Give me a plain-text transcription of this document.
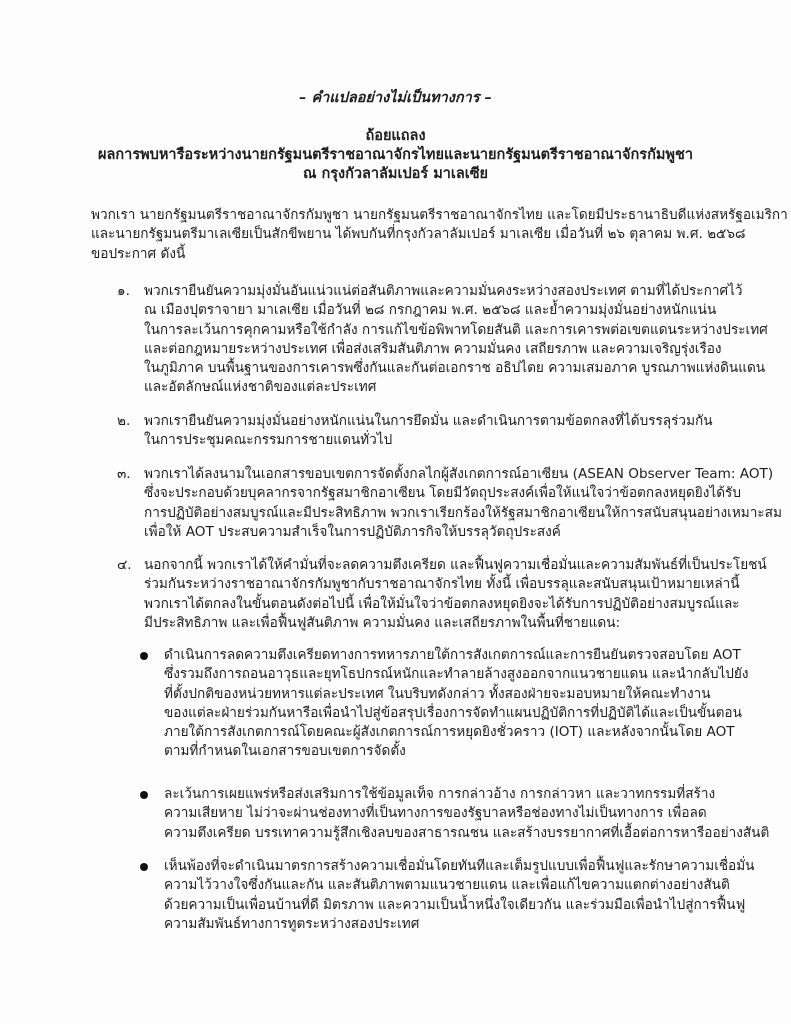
– คำแปลอย่างไม่เป็นทางการ –
ถ้อยแถลง
ผลการพบหารือระหว่างนายกรัฐมนตรีราชอาณาจักรไทยและนายกรัฐมนตรีราชอาณาจักรกัมพูชา
ณ กรุงกัวลาลัมเปอร์ มาเลเซีย
พวกเรา นายกรัฐมนตรีราชอาณาจักรกัมพูชา นายกรัฐมนตรีราชอาณาจักรไทย และโดยมีประธานาธิบดีแห่งสหรัฐอเมริกา
และนายกรัฐมนตรีมาเลเซียเป็นสักขีพยาน ได้พบกันที่กรุงกัวลาลัมเปอร์ มาเลเซีย เมื่อวันที่ ๒๖ ตุลาคม พ.ศ. ๒๕๖๘
ขอประกาศ ดังนี้
๑.	พวกเรายืนยันความมุ่งมั่นอันแน่วแน่ต่อสันติภาพและความมั่นคงระหว่างสองประเทศ ตามที่ได้ประกาศไว้
ณ เมืองปุตราจายา มาเลเซีย เมื่อวันที่ ๒๘ กรกฎาคม พ.ศ. ๒๕๖๘ และย้ำความมุ่งมั่นอย่างหนักแน่น
ในการละเว้นการคุกคามหรือใช้กำลัง การแก้ไขข้อพิพาทโดยสันติ และการเคารพต่อเขตแดนระหว่างประเทศ
และต่อกฎหมายระหว่างประเทศ เพื่อส่งเสริมสันติภาพ ความมั่นคง เสถียรภาพ และความเจริญรุ่งเรือง
ในภูมิภาค บนพื้นฐานของการเคารพซึ่งกันและกันต่อเอกราช อธิปไตย ความเสมอภาค บูรณภาพแห่งดินแดน
และอัตลักษณ์แห่งชาติของแต่ละประเทศ
๒.	พวกเรายืนยันความมุ่งมั่นอย่างหนักแน่นในการยึดมั่น และดำเนินการตามข้อตกลงที่ได้บรรลุร่วมกัน
ในการประชุมคณะกรรมการชายแดนทั่วไป
๓. พวกเราได้ลงนามในเอกสารขอบเขตการจัดตั้งกลไกผู้สังเกตการณ์อาเซียน (ASEAN Observer Team: AOT)
ซึ่งจะประกอบด้วยบุคลากรจากรัฐสมาชิกอาเซียน โดยมีวัตถุประสงค์เพื่อให้แน่ใจว่าข้อตกลงหยุดยิงได้รับ
การปฏิบัติอย่างสมบูรณ์และมีประสิทธิภาพ พวกเราเรียกร้องให้รัฐสมาชิกอาเซียนให้การสนับสนุนอย่างเหมาะสม
เพื่อให้ AOT ประสบความสำเร็จในการปฏิบัติภารกิจให้บรรลุวัตถุประสงค์
๔. นอกจากนี้ พวกเราได้ให้คำมั่นที่จะลดความตึงเครียด และฟื้นฟูความเชื่อมั่นและความสัมพันธ์ที่เป็นประโยชน์
ร่วมกันระหว่างราชอาณาจักรกัมพูชากับราชอาณาจักรไทย ทั้งนี้ เพื่อบรรลุและสนับสนุนเป้าหมายเหล่านี้
พวกเราได้ตกลงในขั้นตอนดังต่อไปนี้ เพื่อให้มั่นใจว่าข้อตกลงหยุดยิงจะได้รับการปฏิบัติอย่างสมบูรณ์และ
มีประสิทธิภาพ และเพื่อฟื้นฟูสันติภาพ ความมั่นคง และเสถียรภาพในพื้นที่ชายแดน:
ดำเนินการลดความตึงเครียดทางการทหารภายใต้การสังเกตการณ์และการยืนยันตรวจสอบโดย AOT
ซึ่งรวมถึงการถอนอาวุธและยุทโธปกรณ์หนักและทำลายล้างสูงออกจากแนวชายแดน และนำกลับไปยัง
ที่ตั้งปกติของหน่วยทหารแต่ละประเทศ ในบริบทดังกล่าว ทั้งสองฝ่ายจะมอบหมายให้คณะทำงาน
ของแต่ละฝ่ายร่วมกันหารือเพื่อนำไปสู่ข้อสรุปเรื่องการจัดทำแผนปฏิบัติการที่ปฏิบัติได้และเป็นขั้นตอน
ภายใต้การสังเกตการณ์โดยคณะผู้สังเกตการณ์การหยุดยิงชั่วคราว (IOT) และหลังจากนั้นโดย AOT
ตามที่กำหนดในเอกสารขอบเขตการจัดตั้ง
ละเว้นการเผยแพร่หรือส่งเสริมการใช้ข้อมูลเท็จ การกล่าวอ้าง การกล่าวหา และวาทกรรมที่สร้าง
ความเสียหาย ไม่ว่าจะผ่านช่องทางที่เป็นทางการของรัฐบาลหรือช่องทางไม่เป็นทางการ เพื่อลด
ความตึงเครียด บรรเทาความรู้สึกเชิงลบของสาธารณชน และสร้างบรรยากาศที่เอื้อต่อการหารืออย่างสันติ
เห็นพ้องที่จะดำเนินมาตรการสร้างความเชื่อมั่นโดยทันทีและเต็มรูปแบบเพื่อฟื้นฟูและรักษาความเชื่อมั่น
ความไว้วางใจซึ่งกันและกัน และสันติภาพตามแนวชายแดน และเพื่อแก้ไขความแตกต่างอย่างสันติ
ด้วยความเป็นเพื่อนบ้านที่ดี มิตรภาพ และความเป็นน้ำหนึ่งใจเดียวกัน และร่วมมือเพื่อนำไปสู่การฟื้นฟู
ความสัมพันธ์ทางการทูตระหว่างสองประเทศ
